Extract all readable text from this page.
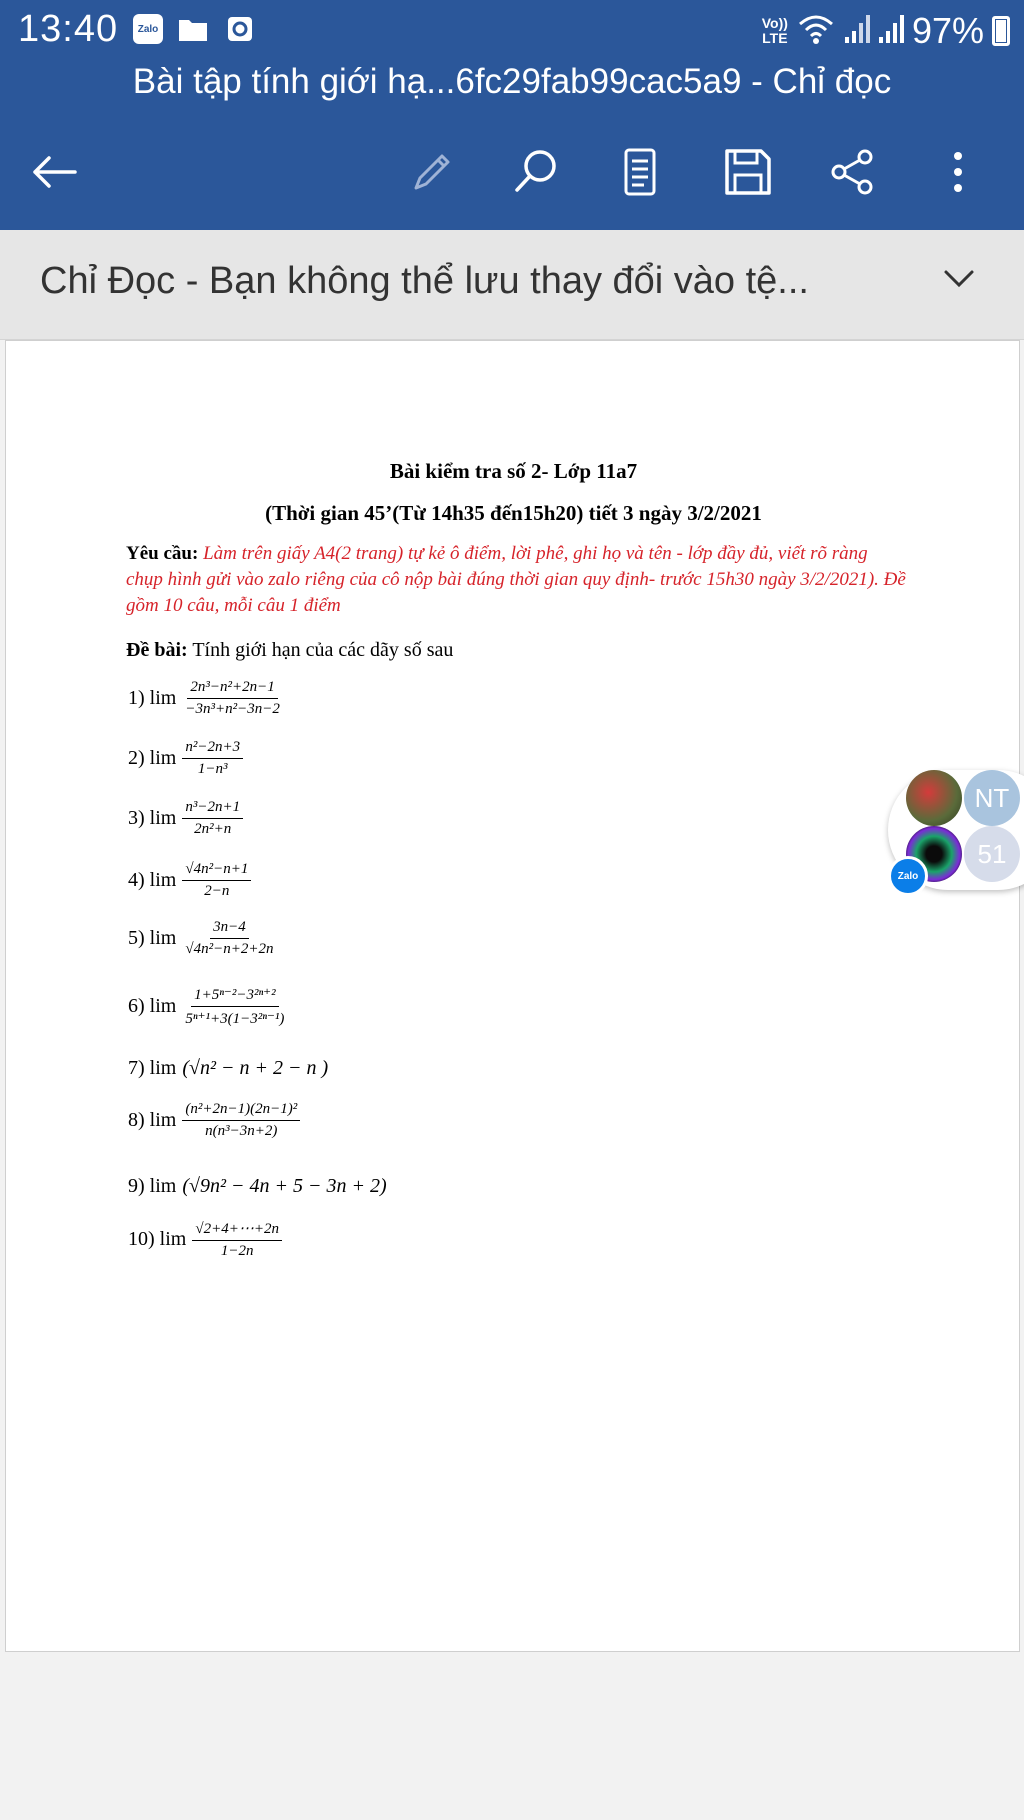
13:40 Zalo	Vo))
LTE	97%
Bài tập tính giới hạ...6fc29fab99cac5a9 - Chỉ đọc
Chỉ Đọc - Bạn không thể lưu thay đổi vào tệ...
Bài kiểm tra số 2- Lớp 11a7
(Thời gian 45’(Từ 14h35 đến15h20) tiết 3 ngày 3/2/2021
Yêu cầu: Làm trên giấy A4(2 trang) tự kẻ ô điểm, lời phê, ghi họ và tên - lớp đầy đủ, viết rõ ràng chụp hình gửi vào zalo riêng của cô nộp bài đúng thời gian quy định- trước 15h30 ngày 3/2/2021). Đề gồm 10 câu, mỗi câu 1 điểm
Đề bài: Tính giới hạn của các dãy số sau
1) $\lim \frac{\text{2n³−n²+2n−1}}{\text{−3n³+n²−3n−2}}$
2) $\lim \frac{\text{n²−2n+3}}{\text{1−n³}}$
3) $\lim \frac{\text{n³−2n+1}}{\text{2n²+n}}$
4) $\lim \frac{\text{√4n²−n+1}}{2-n}$
5) $\lim \frac{3n-4}{\text{√4n²−n+2+2n}}$
6) $\lim \frac{\text{1+5ⁿ⁻²−3²ⁿ⁺²}}{\text{5ⁿ⁺¹+3(1−3²ⁿ⁻¹)}}$
7) lim (√n² − n + 2 − n )
8) $\lim \frac{\text{(n²+2n−1)(2n−1)²}}{\text{n(n³−3n+2)}}$
9) lim (√9n² − 4n + 5 − 3n + 2)
10) $\lim \frac{√2+4+\cdots+2n}{1-2n}$
NT
51
Zalo
